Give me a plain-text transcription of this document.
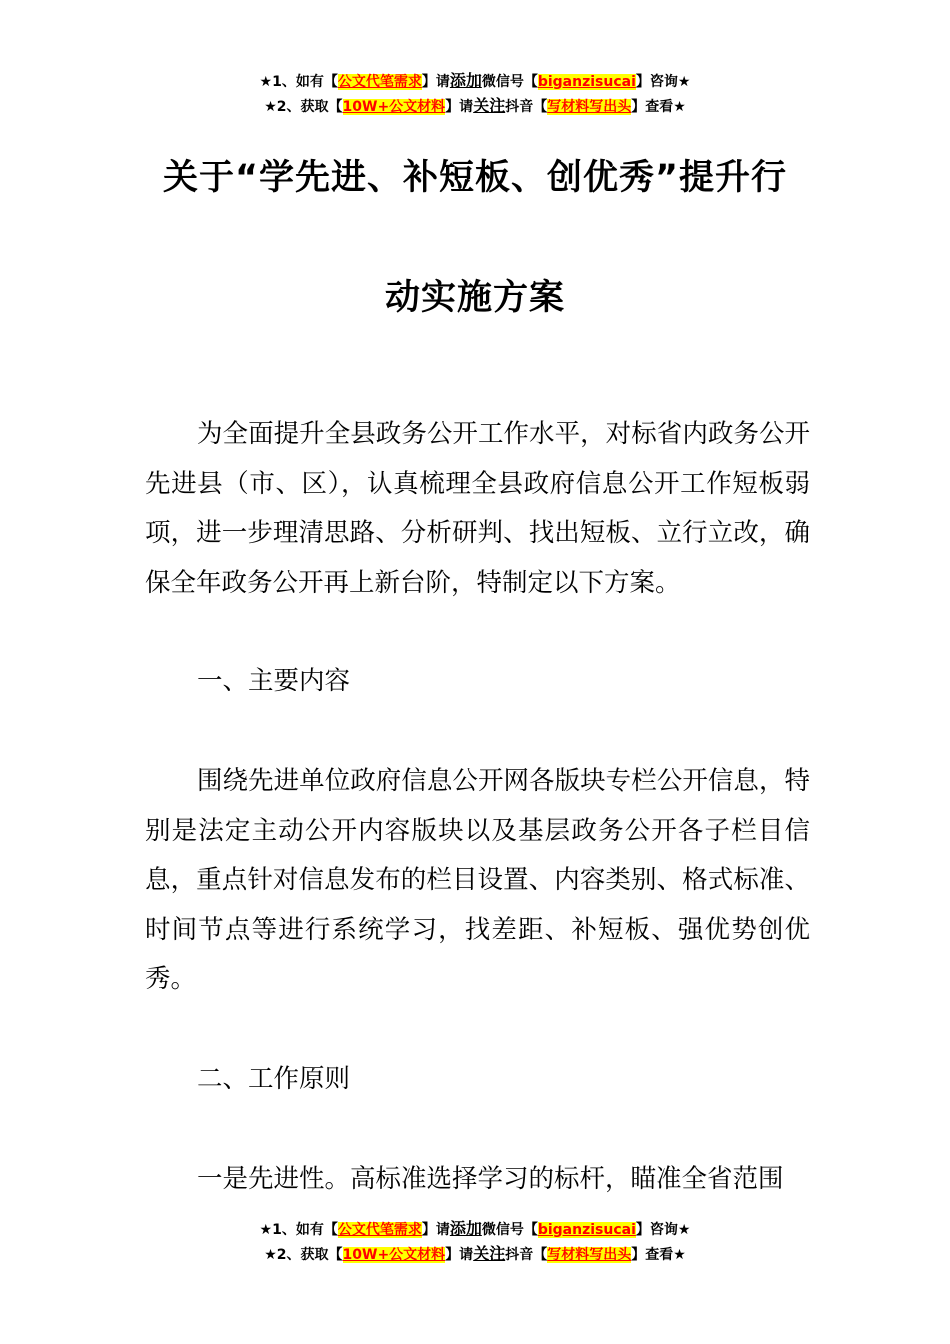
★1、如有【公文代笔需求】请添加微信号【biganzisucai】咨询★
★2、获取【10W+公文材料】请关注抖音【写材料写出头】查看★
关于“学先进、补短板、创优秀”提升行
动实施方案
为全面提升全县政务公开工作水平，对标省内政务公开先进县（市、区），认真梳理全县政府信息公开工作短板弱项，进一步理清思路、分析研判、找出短板、立行立改，确保全年政务公开再上新台阶，特制定以下方案。
一、主要内容
围绕先进单位政府信息公开网各版块专栏公开信息，特别是法定主动公开内容版块以及基层政务公开各子栏目信息，重点针对信息发布的栏目设置、内容类别、格式标准、时间节点等进行系统学习，找差距、补短板、强优势创优秀。
二、工作原则
一是先进性。高标准选择学习的标杆，瞄准全省范围
★1、如有【公文代笔需求】请添加微信号【biganzisucai】咨询★
★2、获取【10W+公文材料】请关注抖音【写材料写出头】查看★
